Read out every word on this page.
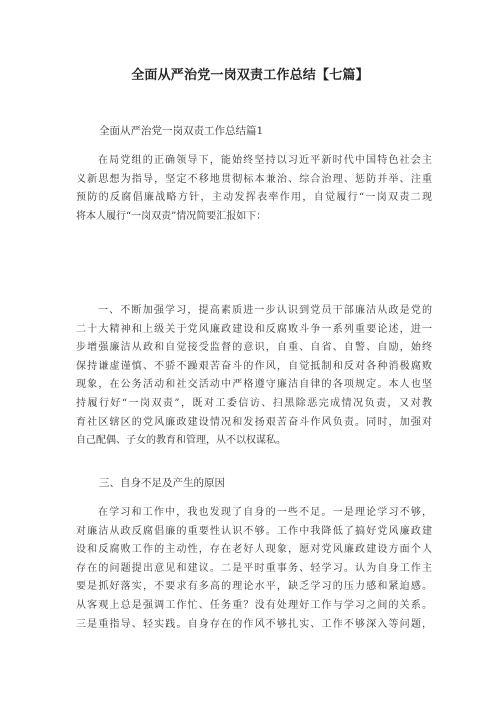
全面从严治党一岗双责工作总结【七篇】
全面从严治党一岗双责工作总结篇1
在局党组的正确领导下，能始终坚持以习近平新时代中国特色社会主
义新思想为指导，坚定不移地贯彻标本兼治、综合治理、惩防并举、注重
预防的反腐倡廉战略方针，主动发挥表率作用，自觉履行“一岗双责二现
将本人履行“一岗双责”情况简要汇报如下：
一、不断加强学习，提高素质进一步认识到党员干部廉洁从政是党的
二十大精神和上级关于党风廉政建设和反腐败斗争一系列重要论述，进一
步增强廉洁从政和自觉接受监督的意识，自重、自省、自警、自励，始终
保持谦虚谨慎、不骄不躁艰苦奋斗的作风，自觉抵制和反对各种消极腐败
现象，在公务活动和社交活动中严格遵守廉洁自律的各项规定。本人也坚
持履行好“一岗双责”，既对工委信访、扫黑除恶完成情况负责，又对教
育社区辖区的党风廉政建设情况和发扬艰苦奋斗作风负责。同时，加强对
自己配偶、子女的教育和管理，从不以权谋私。
三、自身不足及产生的原因
在学习和工作中，我也发现了自身的一些不足。一是理论学习不够，
对廉洁从政反腐倡廉的重要性认识不够。工作中我降低了搞好党风廉政建
设和反腐败工作的主动性，存在老好人现象，愿对党风廉政建设方面个人
存在的问题提出意见和建议。二是平时重事务、轻学习。认为自身工作主
要是抓好落实，不要求有多高的理论水平，缺乏学习的压力感和紧迫感。
从客观上总是强调工作忙、任务重？没有处理好工作与学习之间的关系。
三是重指导、轻实践。自身存在的作风不够扎实、工作不够深入等问题，
